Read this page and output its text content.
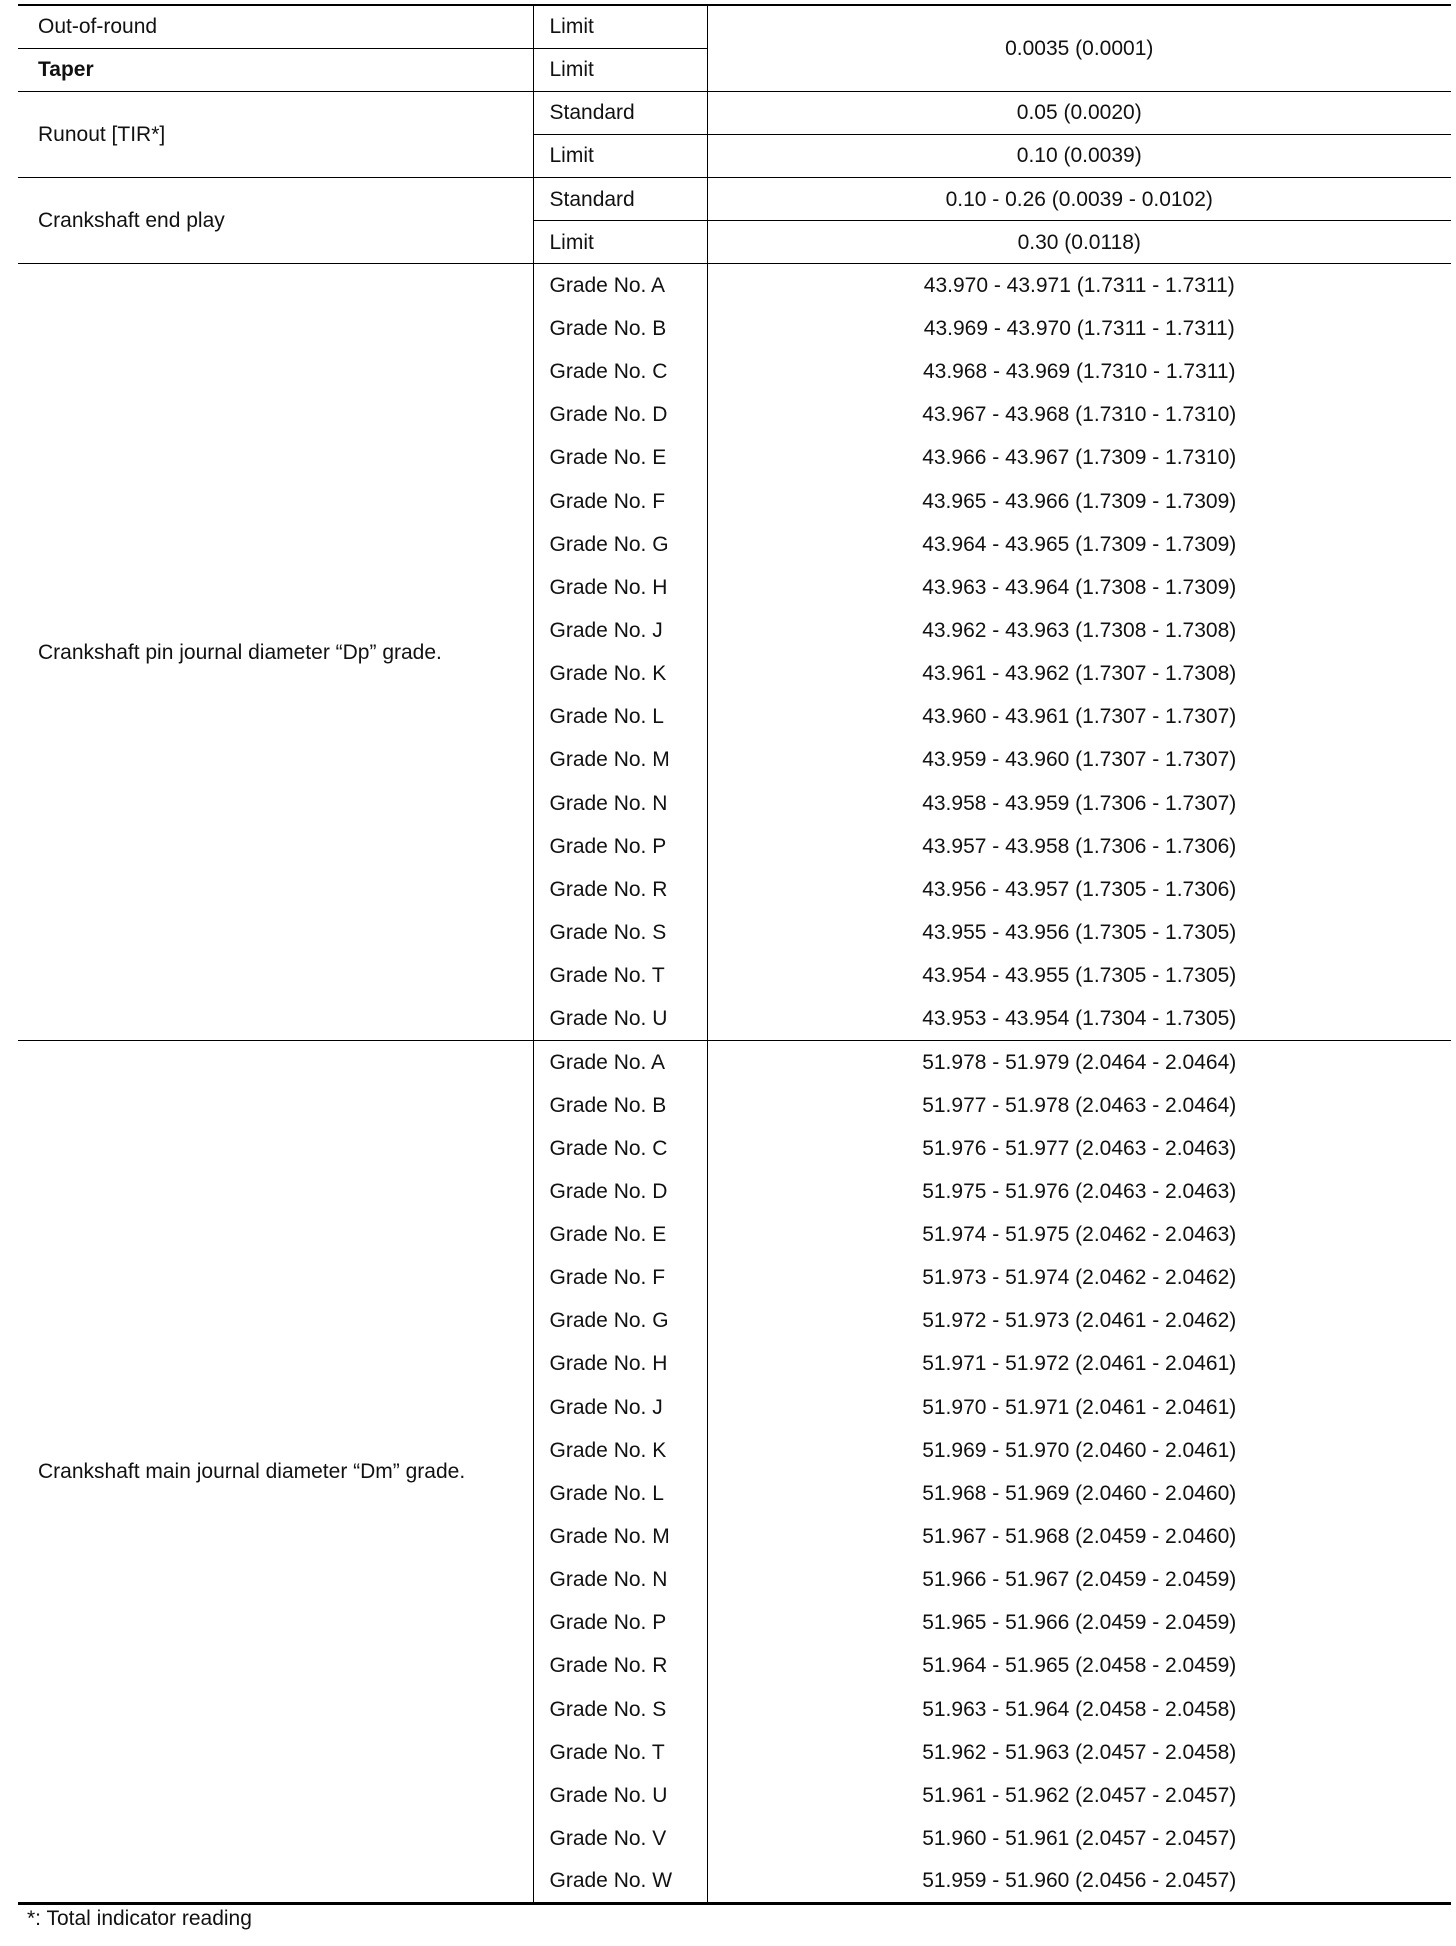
Out-of-round	Limit	0.0035 (0.0001)
Taper	Limit	
Runout [TIR*]	Standard	0.05 (0.0020)
	Limit	0.10 (0.0039)
Crankshaft end play	Standard	0.10 - 0.26 (0.0039 - 0.0102)
	Limit	0.30 (0.0118)
Crankshaft pin journal diameter “Dp” grade.	Grade No. A	43.970 - 43.971 (1.7311 - 1.7311)
	Grade No. B	43.969 - 43.970 (1.7311 - 1.7311)
	Grade No. C	43.968 - 43.969 (1.7310 - 1.7311)
	Grade No. D	43.967 - 43.968 (1.7310 - 1.7310)
	Grade No. E	43.966 - 43.967 (1.7309 - 1.7310)
	Grade No. F	43.965 - 43.966 (1.7309 - 1.7309)
	Grade No. G	43.964 - 43.965 (1.7309 - 1.7309)
	Grade No. H	43.963 - 43.964 (1.7308 - 1.7309)
	Grade No. J	43.962 - 43.963 (1.7308 - 1.7308)
	Grade No. K	43.961 - 43.962 (1.7307 - 1.7308)
	Grade No. L	43.960 - 43.961 (1.7307 - 1.7307)
	Grade No. M	43.959 - 43.960 (1.7307 - 1.7307)
	Grade No. N	43.958 - 43.959 (1.7306 - 1.7307)
	Grade No. P	43.957 - 43.958 (1.7306 - 1.7306)
	Grade No. R	43.956 - 43.957 (1.7305 - 1.7306)
	Grade No. S	43.955 - 43.956 (1.7305 - 1.7305)
	Grade No. T	43.954 - 43.955 (1.7305 - 1.7305)
	Grade No. U	43.953 - 43.954 (1.7304 - 1.7305)
Crankshaft main journal diameter “Dm” grade.	Grade No. A	51.978 - 51.979 (2.0464 - 2.0464)
	Grade No. B	51.977 - 51.978 (2.0463 - 2.0464)
	Grade No. C	51.976 - 51.977 (2.0463 - 2.0463)
	Grade No. D	51.975 - 51.976 (2.0463 - 2.0463)
	Grade No. E	51.974 - 51.975 (2.0462 - 2.0463)
	Grade No. F	51.973 - 51.974 (2.0462 - 2.0462)
	Grade No. G	51.972 - 51.973 (2.0461 - 2.0462)
	Grade No. H	51.971 - 51.972 (2.0461 - 2.0461)
	Grade No. J	51.970 - 51.971 (2.0461 - 2.0461)
	Grade No. K	51.969 - 51.970 (2.0460 - 2.0461)
	Grade No. L	51.968 - 51.969 (2.0460 - 2.0460)
	Grade No. M	51.967 - 51.968 (2.0459 - 2.0460)
	Grade No. N	51.966 - 51.967 (2.0459 - 2.0459)
	Grade No. P	51.965 - 51.966 (2.0459 - 2.0459)
	Grade No. R	51.964 - 51.965 (2.0458 - 2.0459)
	Grade No. S	51.963 - 51.964 (2.0458 - 2.0458)
	Grade No. T	51.962 - 51.963 (2.0457 - 2.0458)
	Grade No. U	51.961 - 51.962 (2.0457 - 2.0457)
	Grade No. V	51.960 - 51.961 (2.0457 - 2.0457)
	Grade No. W	51.959 - 51.960 (2.0456 - 2.0457)
*: Total indicator reading
